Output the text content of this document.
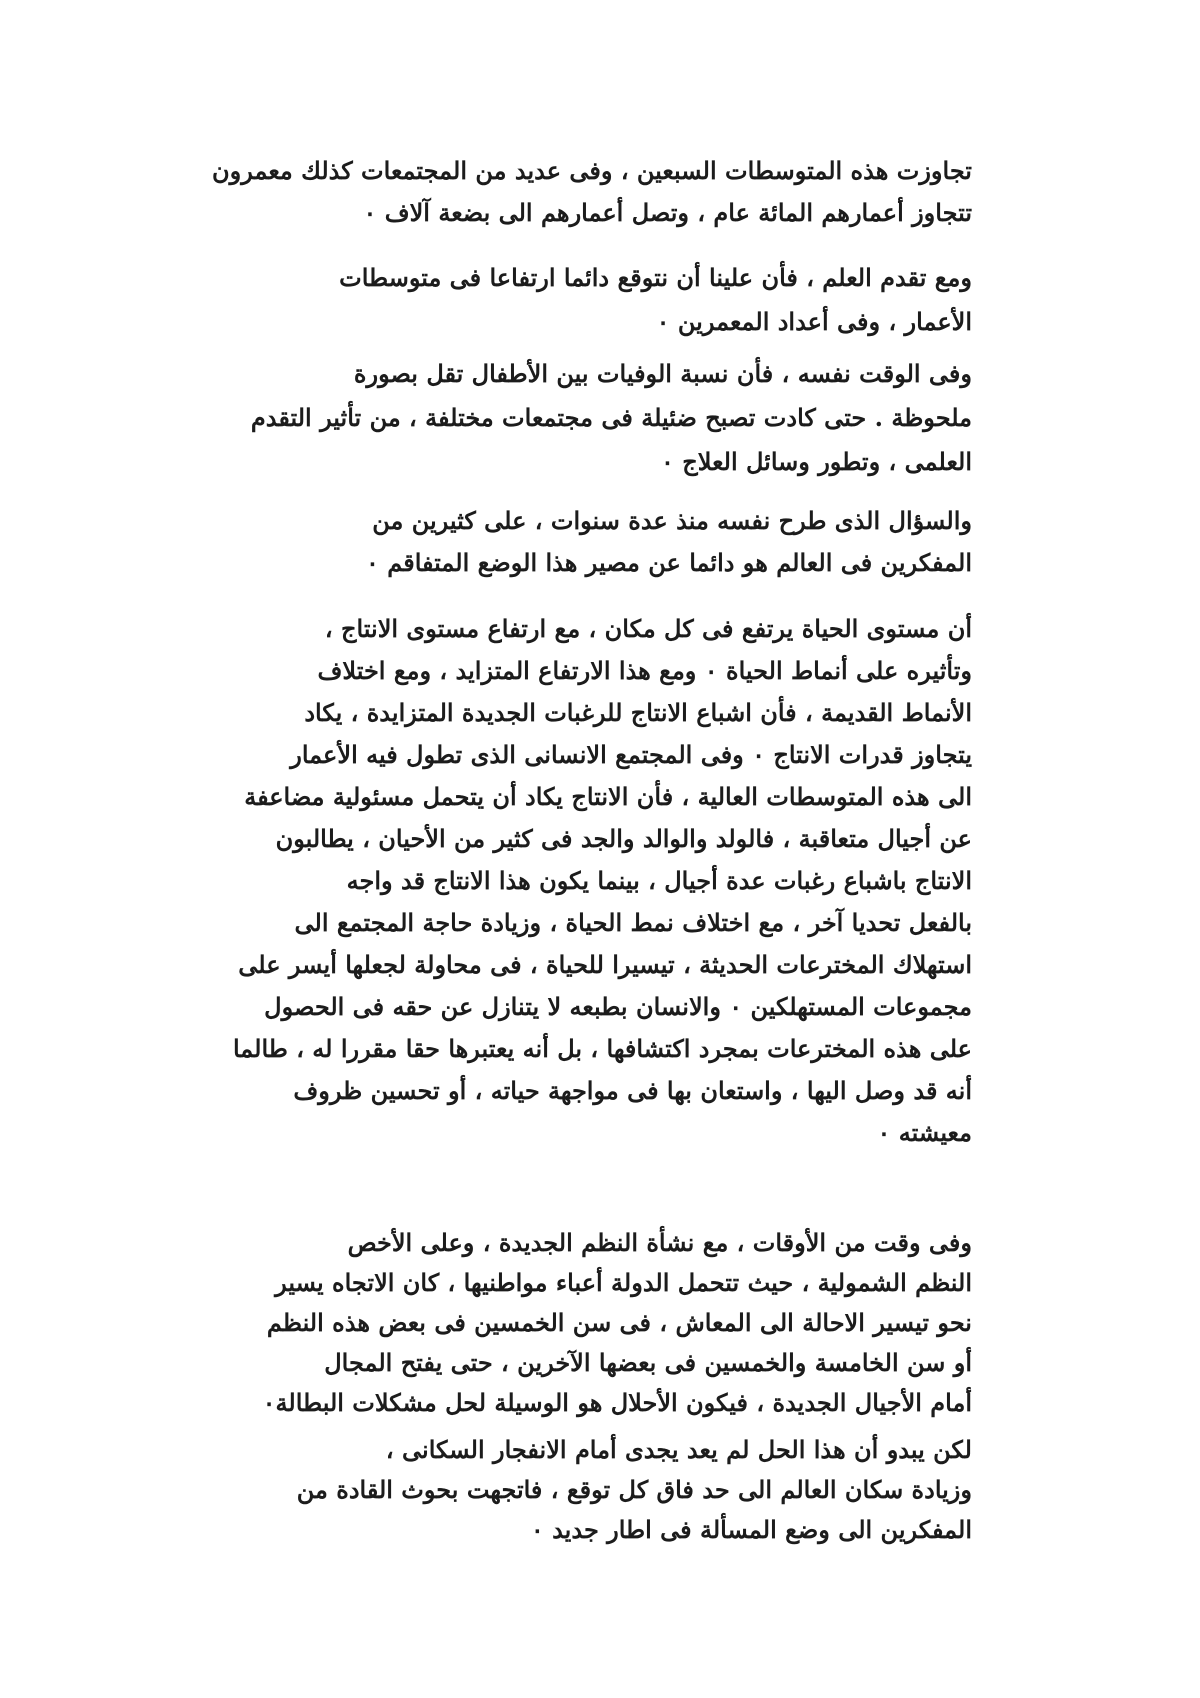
تجاوزت هذه المتوسطات السبعين ، وفى عديد من المجتمعات كذلك معمرون
تتجاوز أعمارهم المائة عام ، وتصل أعمارهم الى بضعة آلاف ٠
ومع تقدم العلم ، فأن علينا أن نتوقع دائما ارتفاعا فى متوسطات
الأعمار ، وفى أعداد المعمرين ٠
وفى الوقت نفسه ، فأن نسبة الوفيات بين الأطفال تقل بصورة
ملحوظة . حتى كادت تصبح ضئيلة فى مجتمعات مختلفة ، من تأثير التقدم
العلمى ، وتطور وسائل العلاج ٠
والسؤال الذى طرح نفسه منذ عدة سنوات ، على كثيرين من
المفكرين فى العالم هو دائما عن مصير هذا الوضع المتفاقم ٠
أن مستوى الحياة يرتفع فى كل مكان ، مع ارتفاع مستوى الانتاج ،
وتأثيره على أنماط الحياة ٠ ومع هذا الارتفاع المتزايد ، ومع اختلاف
الأنماط القديمة ، فأن اشباع الانتاج للرغبات الجديدة المتزايدة ، يكاد
يتجاوز قدرات الانتاج ٠ وفى المجتمع الانسانى الذى تطول فيه الأعمار
الى هذه المتوسطات العالية ، فأن الانتاج يكاد أن يتحمل مسئولية مضاعفة
عن أجيال متعاقبة ، فالولد والوالد والجد فى كثير من الأحيان ، يطالبون
الانتاج باشباع رغبات عدة أجيال ، بينما يكون هذا الانتاج قد واجه
بالفعل تحديا آخر ، مع اختلاف نمط الحياة ، وزيادة حاجة المجتمع الى
استهلاك المخترعات الحديثة ، تيسيرا للحياة ، فى محاولة لجعلها أيسر على
مجموعات المستهلكين ٠ والانسان بطبعه لا يتنازل عن حقه فى الحصول
على هذه المخترعات بمجرد اكتشافها ، بل أنه يعتبرها حقا مقررا له ، طالما
أنه قد وصل اليها ، واستعان بها فى مواجهة حياته ، أو تحسين ظروف
معيشته ٠
وفى وقت من الأوقات ، مع نشأة النظم الجديدة ، وعلى الأخص
النظم الشمولية ، حيث تتحمل الدولة أعباء مواطنيها ، كان الاتجاه يسير
نحو تيسير الاحالة الى المعاش ، فى سن الخمسين فى بعض هذه النظم
أو سن الخامسة والخمسين فى بعضها الآخرين ، حتى يفتح المجال
أمام الأجيال الجديدة ، فيكون الأحلال هو الوسيلة لحل مشكلات البطالة٠
لكن يبدو أن هذا الحل لم يعد يجدى أمام الانفجار السكانى ،
وزيادة سكان العالم الى حد فاق كل توقع ، فاتجهت بحوث القادة من
المفكرين الى وضع المسألة فى اطار جديد ٠
